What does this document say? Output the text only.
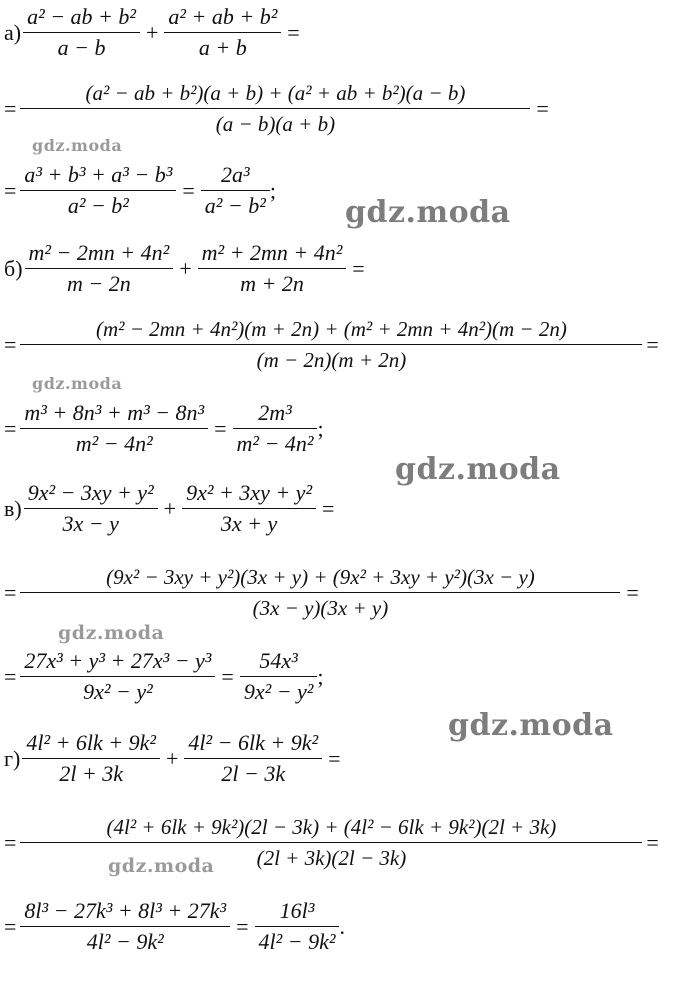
$а) \frac{\text{a² − ab + b²}}{a - b} + \frac{\text{a² + ab + b²}}{a + b}$ =
= $\frac{\text{(a² − ab + b²)(a + b) + (a² + ab + b²)(a − b)}}{(a - b)(a + b)}$ =
= $\frac{\text{a³ + b³ + a³ − b³}}{\text{a² − b²}} = \frac{\text{2a³}}{\text{a² − b²}}$ ;
$б) \frac{\text{m² − 2mn + 4n²}}{m - 2n} + \frac{\text{m² + 2mn + 4n²}}{m + 2n}$ =
= $\frac{\text{(m² − 2mn + 4n²)(m + 2n) + (m² + 2mn + 4n²)(m − 2n)}}{(m - 2n)(m + 2n)}$ =
= $\frac{\text{m³ + 8n³ + m³ − 8n³}}{\text{m² − 4n²}} = \frac{\text{2m³}}{\text{m² − 4n²}}$ ;
$в) \frac{\text{9x² − 3xy + y²}}{3x - y} + \frac{\text{9x² + 3xy + y²}}{3x + y}$ =
= $\frac{\text{(9x² − 3xy + y²)(3x + y) + (9x² + 3xy + y²)(3x − y)}}{(3x - y)(3x + y)}$ =
= $\frac{\text{27x³ + y³ + 27x³ − y³}}{\text{9x² − y²}} = \frac{\text{54x³}}{\text{9x² − y²}}$ ;
$г) \frac{\text{4l² + 6lk + 9k²}}{2l + 3k} + \frac{\text{4l² − 6lk + 9k²}}{2l - 3k}$ =
= $\frac{\text{(4l² + 6lk + 9k²)(2l − 3k) + (4l² − 6lk + 9k²)(2l + 3k)}}{(2l + 3k)(2l - 3k)}$ =
= $\frac{\text{8l³ − 27k³ + 8l³ + 27k³}}{\text{4l² − 9k²}} = \frac{\text{16l³}}{\text{4l² − 9k²}}$ .
gdz.moda
gdz.moda
gdz.moda
gdz.moda
gdz.moda
gdz.moda
gdz.moda
